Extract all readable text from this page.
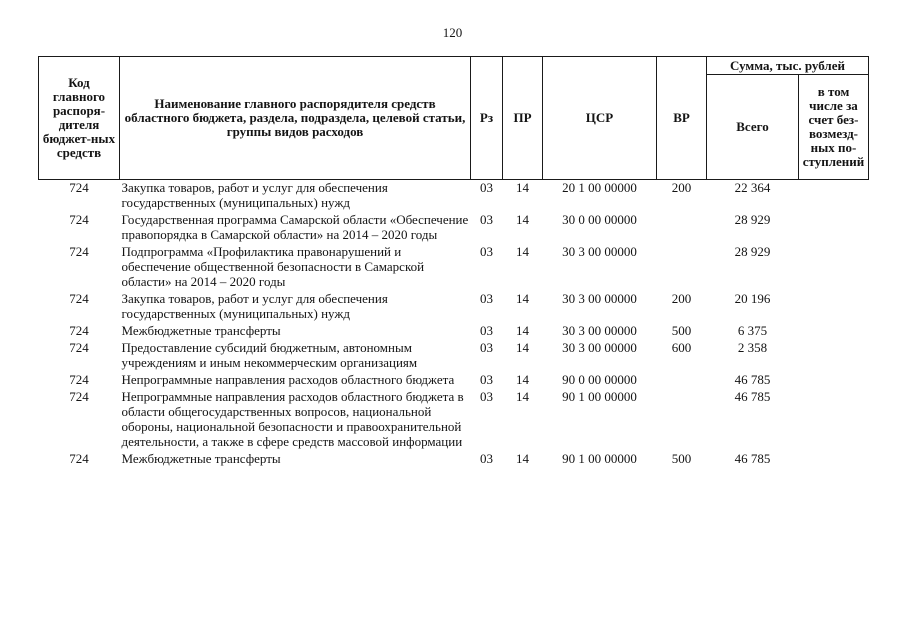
120
Код главного распоря-дителя бюджет-ных средств	Наименование главного распорядителя средств областного бюджета, раздела, подраздела, целевой статьи, группы видов расходов	Рз	ПР	ЦСР	ВР	Сумма, тыс. рублей	
						Всего	в том числе за счет без-возмезд-ных по-ступлений
724	Закупка товаров, работ и услуг для обеспечения государственных (муниципальных) нужд	03	14	20 1 00 00000	200	22 364	
724	Государственная программа Самарской области «Обеспечение правопорядка в Самарской области» на 2014 – 2020 годы	03	14	30 0 00 00000		28 929	
724	Подпрограмма «Профилактика правонарушений и обеспечение общественной безопасности в Самарской области» на 2014 – 2020 годы	03	14	30 3 00 00000		28 929	
724	Закупка товаров, работ и услуг для обеспечения государственных (муниципальных) нужд	03	14	30 3 00 00000	200	20 196	
724	Межбюджетные трансферты	03	14	30 3 00 00000	500	6 375	
724	Предоставление субсидий бюджетным, автономным учреждениям и иным некоммерческим организациям	03	14	30 3 00 00000	600	2 358	
724	Непрограммные направления расходов областного бюджета	03	14	90 0 00 00000		46 785	
724	Непрограммные направления расходов областного бюджета в области общегосударственных вопросов, национальной обороны, национальной безопасности и правоохранительной деятельности, а также в сфере средств массовой информации	03	14	90 1 00 00000		46 785	
724	Межбюджетные трансферты	03	14	90 1 00 00000	500	46 785	
